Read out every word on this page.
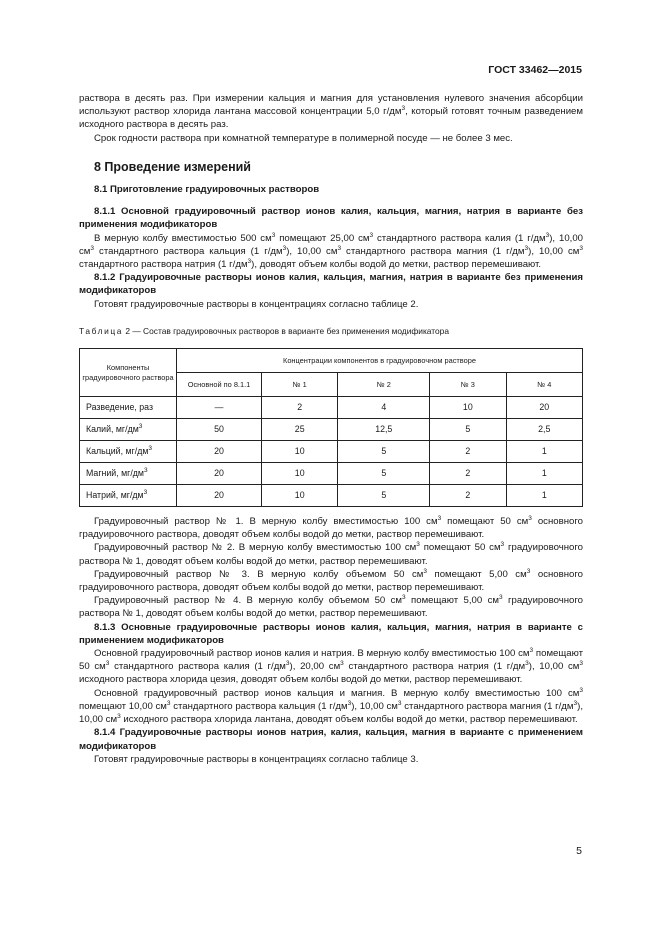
ГОСТ 33462—2015

раствора в десять раз. При измерении кальция и магния для установления нулевого значения абсорбции используют раствор хлорида лантана массовой концентрации 5,0 $г/дм^3$, который готовят точным разведением исходного раствора в десять раз.

Срок годности раствора при комнатной температуре в полимерной посуде — не более 3 мес.

8 Проведение измерений

8.1 Приготовление градуировочных растворов

8.1.1 Основной градуировочный раствор ионов калия, кальция, магния, натрия в варианте без применения модификаторов

В мерную колбу вместимостью 500 $см^3$ помещают 25,00 $см^3$ стандартного раствора калия (1 $г/дм^3$), 10,00 $см^3$ стандартного раствора кальция (1 $г/дм^3$), 10,00 $см^3$ стандартного раствора магния (1 $г/дм^3$), 10,00 $см^3$ стандартного раствора натрия (1 $г/дм^3$), доводят объем колбы водой до метки, раствор перемешивают.

8.1.2 Градуировочные растворы ионов калия, кальция, магния, натрия в варианте без применения модификаторов

Готовят градуировочные растворы в концентрациях согласно таблице 2.

Таблица 2 — Состав градуировочных растворов в варианте без применения модификатора

Компоненты градуировочного раствора	Концентрации компонентов в градуировочном растворе				
	Основной по 8.1.1	№ 1	№ 2	№ 3	№ 4
Разведение, раз	—	2	4	10	20
Калий, $мг/дм^3$	50	25	12,5	5	2,5
Кальций, $мг/дм^3$	20	10	5	2	1
Магний, $мг/дм^3$	20	10	5	2	1
Натрий, $мг/дм^3$	20	10	5	2	1

Градуировочный раствор № 1. В мерную колбу вместимостью 100 $см^3$ помещают 50 $см^3$ основного градуировочного раствора, доводят объем колбы водой до метки, раствор перемешивают.

Градуировочный раствор № 2. В мерную колбу вместимостью 100 $см^3$ помещают 50 $см^3$ градуировочного раствора № 1, доводят объем колбы водой до метки, раствор перемешивают.

Градуировочный раствор № 3. В мерную колбу объемом 50 $см^3$ помещают 5,00 $см^3$ основного градуировочного раствора, доводят объем колбы водой до метки, раствор перемешивают.

Градуировочный раствор № 4. В мерную колбу объемом 50 $см^3$ помещают 5,00 $см^3$ градуировочного раствора № 1, доводят объем колбы водой до метки, раствор перемешивают.

8.1.3 Основные градуировочные растворы ионов калия, кальция, магния, натрия в варианте с применением модификаторов

Основной градуировочный раствор ионов калия и натрия. В мерную колбу вместимостью 100 $см^3$ помещают 50 $см^3$ стандартного раствора калия (1 $г/дм^3$), 20,00 $см^3$ стандартного раствора натрия (1 $г/дм^3$), 10,00 $см^3$ исходного раствора хлорида цезия, доводят объем колбы водой до метки, раствор перемешивают.

Основной градуировочный раствор ионов кальция и магния. В мерную колбу вместимостью 100 $см^3$ помещают 10,00 $см^3$ стандартного раствора кальция (1 $г/дм^3$), 10,00 $см^3$ стандартного раствора магния (1 $г/дм^3$), 10,00 $см^3$ исходного раствора хлорида лантана, доводят объем колбы водой до метки, раствор перемешивают.

8.1.4 Градуировочные растворы ионов натрия, калия, кальция, магния в варианте с применением модификаторов

Готовят градуировочные растворы в концентрациях согласно таблице 3.

5
